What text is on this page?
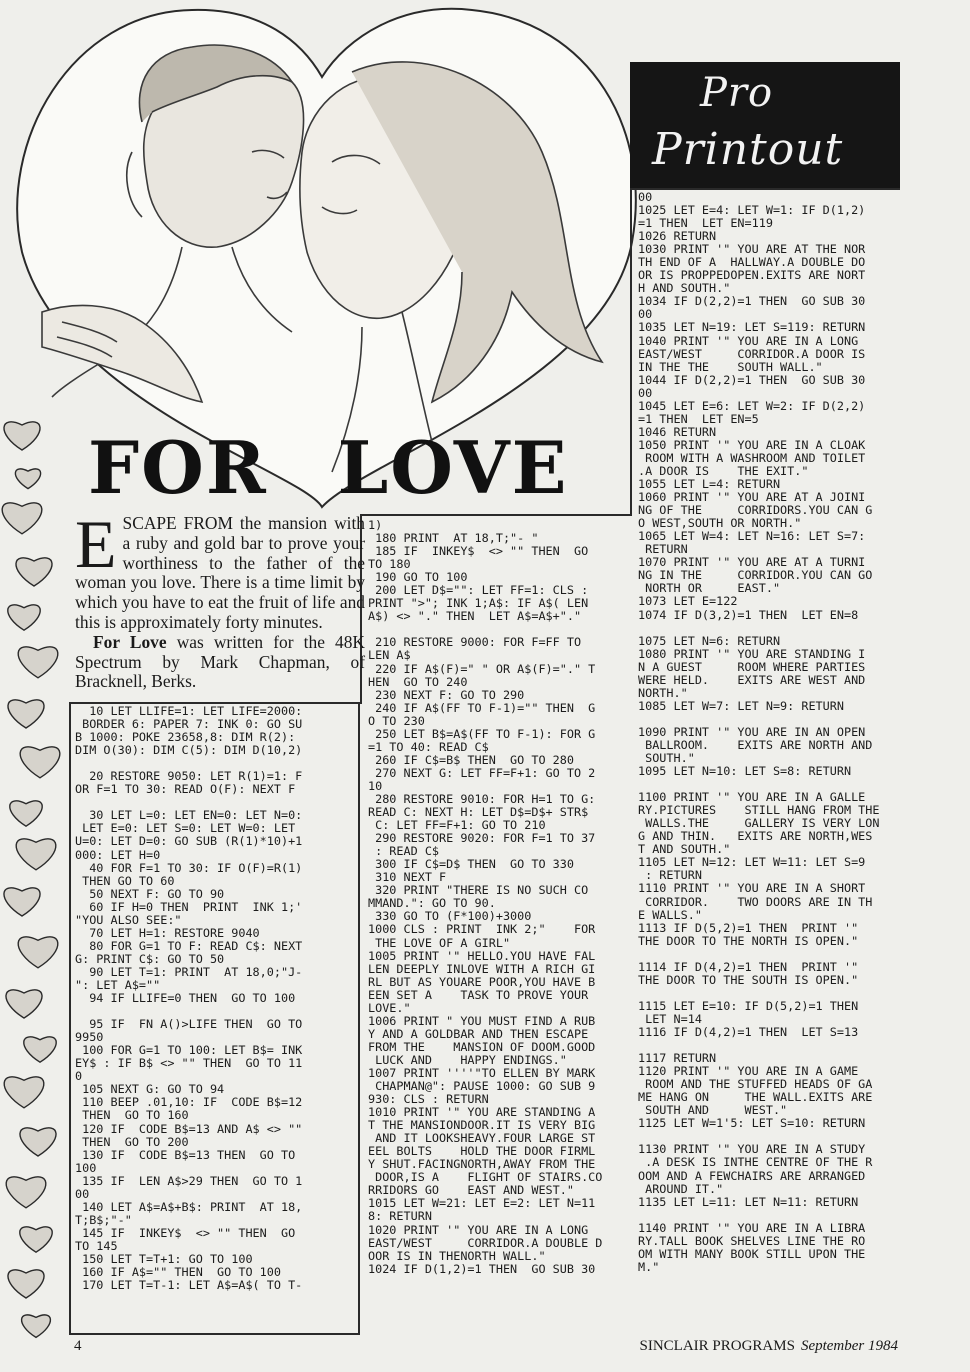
Pro
Printout
FOR LOVE

ESCAPE FROM the mansion with a ruby and gold bar to prove your worthiness to the father of the woman you love. There is a time limit by which you have to eat the fruit of life and this is approximately forty minutes.

For Love was written for the 48K Spectrum by Mark Chapman, of Bracknell, Berks.

10 LET LLIFE=1: LET LIFE=2000:
BORDER 6: PAPER 7: INK 0: GO SU
B 1000: POKE 23658,8: DIM R(2):
DIM O(30): DIM C(5): DIM D(10,2)
20 RESTORE 9050: LET R(1)=1: F
OR F=1 TO 30: READ O(F): NEXT F
30 LET L=0: LET EN=0: LET N=0:
LET E=0: LET S=0: LET W=0: LET
U=0: LET D=0: GO SUB (R(1)*10)+1
000: LET H=0
40 FOR F=1 TO 30: IF O(F)=R(1)
THEN GO TO 60
50 NEXT F: GO TO 90
60 IF H=0 THEN  PRINT  INK 1;'
"YOU ALSO SEE:"
70 LET H=1: RESTORE 9040
80 FOR G=1 TO F: READ C$: NEXT
G: PRINT C$: GO TO 50
90 LET T=1: PRINT  AT 18,0;"J-
": LET A$=""
94 IF LLIFE=0 THEN  GO TO 100
95 IF  FN A()>LIFE THEN  GO TO
9950
100 FOR G=1 TO 100: LET B$= INK
EY$ : IF B$ <> "" THEN  GO TO 11
0
105 NEXT G: GO TO 94
110 BEEP .01,10: IF  CODE B$=12
THEN  GO TO 160
120 IF  CODE B$=13 AND A$ <> ""
THEN  GO TO 200
130 IF  CODE B$=13 THEN  GO TO
100
135 IF  LEN A$>29 THEN  GO TO 1
00
140 LET A$=A$+B$: PRINT  AT 18,
T;B$;"-"
145 IF  INKEY$  <> "" THEN  GO
TO 145
150 LET T=T+1: GO TO 100
160 IF A$="" THEN  GO TO 100
170 LET T=T-1: LET A$=A$( TO T-
1)
180 PRINT  AT 18,T;"- "
185 IF  INKEY$  <> "" THEN  GO
TO 180
190 GO TO 100
200 LET D$="": LET FF=1: CLS :
PRINT ">"; INK 1;A$: IF A$( LEN
A$) <> "." THEN  LET A$=A$+"."
210 RESTORE 9000: FOR F=FF TO
LEN A$
220 IF A$(F)=" " OR A$(F)="." T
HEN  GO TO 240
230 NEXT F: GO TO 290
240 IF A$(FF TO F-1)="" THEN  G
O TO 230
250 LET B$=A$(FF TO F-1): FOR G
=1 TO 40: READ C$
260 IF C$=B$ THEN  GO TO 280
270 NEXT G: LET FF=F+1: GO TO 2
10
280 RESTORE 9010: FOR H=1 TO G:
READ C: NEXT H: LET D$=D$+ STR$
C: LET FF=F+1: GO TO 210
290 RESTORE 9020: FOR F=1 TO 37
: READ C$
300 IF C$=D$ THEN  GO TO 330
310 NEXT F
320 PRINT "THERE IS NO SUCH CO
MMAND.": GO TO 90.
330 GO TO (F*100)+3000
1000 CLS : PRINT  INK 2;"    FOR
THE LOVE OF A GIRL"
1005 PRINT '" HELLO.YOU HAVE FAL
LEN DEEPLY INLOVE WITH A RICH GI
RL BUT AS YOUARE POOR,YOU HAVE B
EEN SET A    TASK TO PROVE YOUR
LOVE."
1006 PRINT " YOU MUST FIND A RUB
Y AND A GOLDBAR AND THEN ESCAPE
FROM THE    MANSION OF DOOM.GOOD
LUCK AND    HAPPY ENDINGS."
1007 PRINT ''''"TO ELLEN BY MARK
CHAPMAN@": PAUSE 1000: GO SUB 9
930: CLS : RETURN
1010 PRINT '" YOU ARE STANDING A
T THE MANSIONDOOR.IT IS VERY BIG
AND IT LOOKSHEAVY.FOUR LARGE ST
EEL BOLTS    HOLD THE DOOR FIRML
Y SHUT.FACINGNORTH,AWAY FROM THE
DOOR,IS A    FLIGHT OF STAIRS.CO
RRIDORS GO    EAST AND WEST."
1015 LET W=21: LET E=2: LET N=11
8: RETURN
1020 PRINT '" YOU ARE IN A LONG
EAST/WEST     CORRIDOR.A DOUBLE D
OOR IS IN THENORTH WALL."
1024 IF D(1,2)=1 THEN  GO SUB 30
00
1025 LET E=4: LET W=1: IF D(1,2)
=1 THEN  LET EN=119
1026 RETURN
1030 PRINT '" YOU ARE AT THE NOR
TH END OF A  HALLWAY.A DOUBLE DO
OR IS PROPPEDOPEN.EXITS ARE NORT
H AND SOUTH."
1034 IF D(2,2)=1 THEN  GO SUB 30
00
1035 LET N=19: LET S=119: RETURN
1040 PRINT '" YOU ARE IN A LONG
EAST/WEST     CORRIDOR.A DOOR IS
IN THE THE    SOUTH WALL."
1044 IF D(2,2)=1 THEN  GO SUB 30
00
1045 LET E=6: LET W=2: IF D(2,2)
=1 THEN  LET EN=5
1046 RETURN
1050 PRINT '" YOU ARE IN A CLOAK
ROOM WITH A WASHROOM AND TOILET
.A DOOR IS    THE EXIT."
1055 LET L=4: RETURN
1060 PRINT '" YOU ARE AT A JOINI
NG OF THE     CORRIDORS.YOU CAN G
O WEST,SOUTH OR NORTH."
1065 LET W=4: LET N=16: LET S=7:
RETURN
1070 PRINT '" YOU ARE AT A TURNI
NG IN THE     CORRIDOR.YOU CAN GO
NORTH OR     EAST."
1073 LET E=122
1074 IF D(3,2)=1 THEN  LET EN=8
1075 LET N=6: RETURN
1080 PRINT '" YOU ARE STANDING I
N A GUEST     ROOM WHERE PARTIES
WERE HELD.    EXITS ARE WEST AND
NORTH."
1085 LET W=7: LET N=9: RETURN
1090 PRINT '" YOU ARE IN AN OPEN
BALLROOM.    EXITS ARE NORTH AND
SOUTH."
1095 LET N=10: LET S=8: RETURN
1100 PRINT '" YOU ARE IN A GALLE
RY.PICTURES    STILL HANG FROM THE
WALLS.THE     GALLERY IS VERY LON
G AND THIN.   EXITS ARE NORTH,WES
T AND SOUTH."
1105 LET N=12: LET W=11: LET S=9
: RETURN
1110 PRINT '" YOU ARE IN A SHORT
CORRIDOR.    TWO DOORS ARE IN TH
E WALLS."
1113 IF D(5,2)=1 THEN  PRINT '"
THE DOOR TO THE NORTH IS OPEN."
1114 IF D(4,2)=1 THEN  PRINT '"
THE DOOR TO THE SOUTH IS OPEN."
1115 LET E=10: IF D(5,2)=1 THEN
LET N=14
1116 IF D(4,2)=1 THEN  LET S=13
1117 RETURN
1120 PRINT '" YOU ARE IN A GAME
ROOM AND THE STUFFED HEADS OF GA
ME HANG ON     THE WALL.EXITS ARE
SOUTH AND     WEST."
1125 LET W=1'5: LET S=10: RETURN
1130 PRINT '" YOU ARE IN A STUDY
.A DESK IS INTHE CENTRE OF THE R
OOM AND A FEWCHAIRS ARE ARRANGED
AROUND IT."
1135 LET L=11: LET N=11: RETURN
1140 PRINT '" YOU ARE IN A LIBRA
RY.TALL BOOK SHELVES LINE THE RO
OM WITH MANY BOOK STILL UPON THE
M."
4	SINCLAIR PROGRAMS September 1984
